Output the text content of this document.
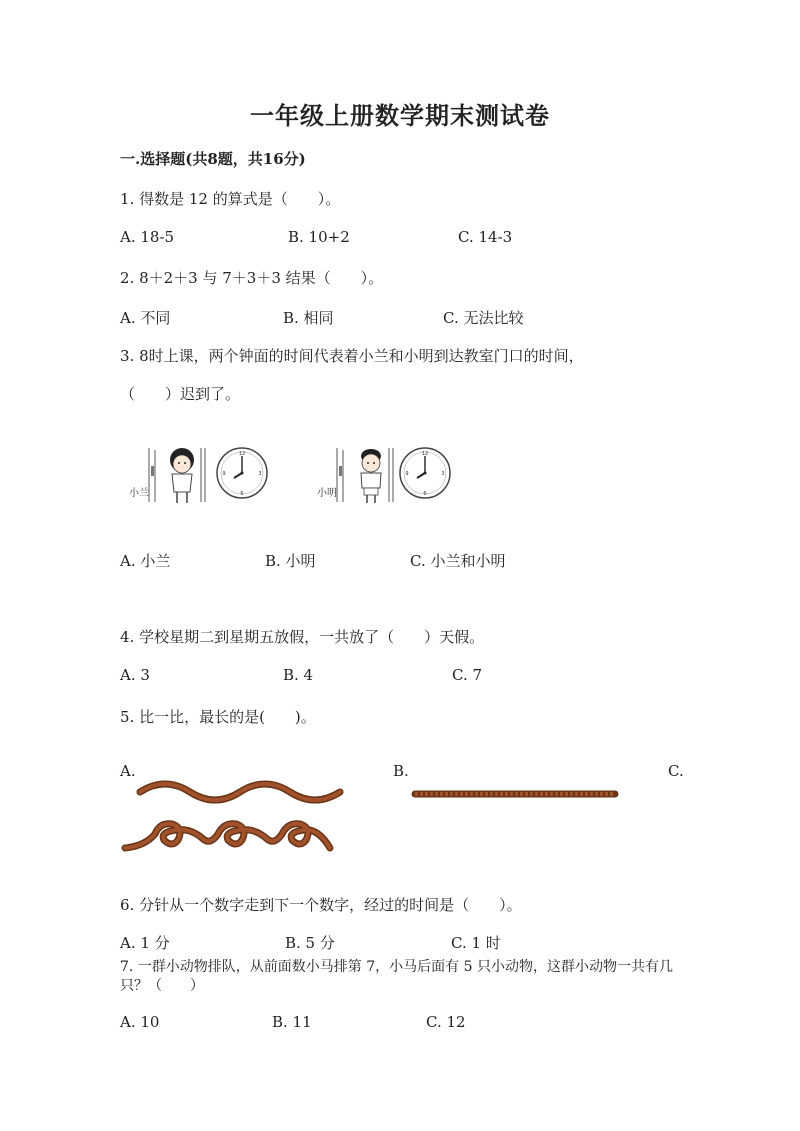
一年级上册数学期末测试卷
一.选择题(共8题，共16分)
1. 得数是 12 的算式是（　　）。
A. 18-5	B. 10+2	C. 14-3
2. 8＋2＋3 与 7＋3＋3 结果（　　）。
A. 不同	B. 相同	C. 无法比较
3. 8时上课，两个钟面的时间代表着小兰和小明到达教室门口的时间，
（　　）迟到了。
小兰
12
3
6
9
小明
12
3
6
9
A. 小兰	B. 小明	C. 小兰和小明
4. 学校星期二到星期五放假，一共放了（　　）天假。
A. 3	B. 4	C. 7
5. 比一比，最长的是(　　)。
A.	B.	C.
6. 分针从一个数字走到下一个数字，经过的时间是（　　）。
A. 1 分	B. 5 分	C. 1 时
7. 一群小动物排队，从前面数小马排第 7，小马后面有 5 只小动物，这群小动物一共有几
只？（　　）
A. 10	B. 11	C. 12
